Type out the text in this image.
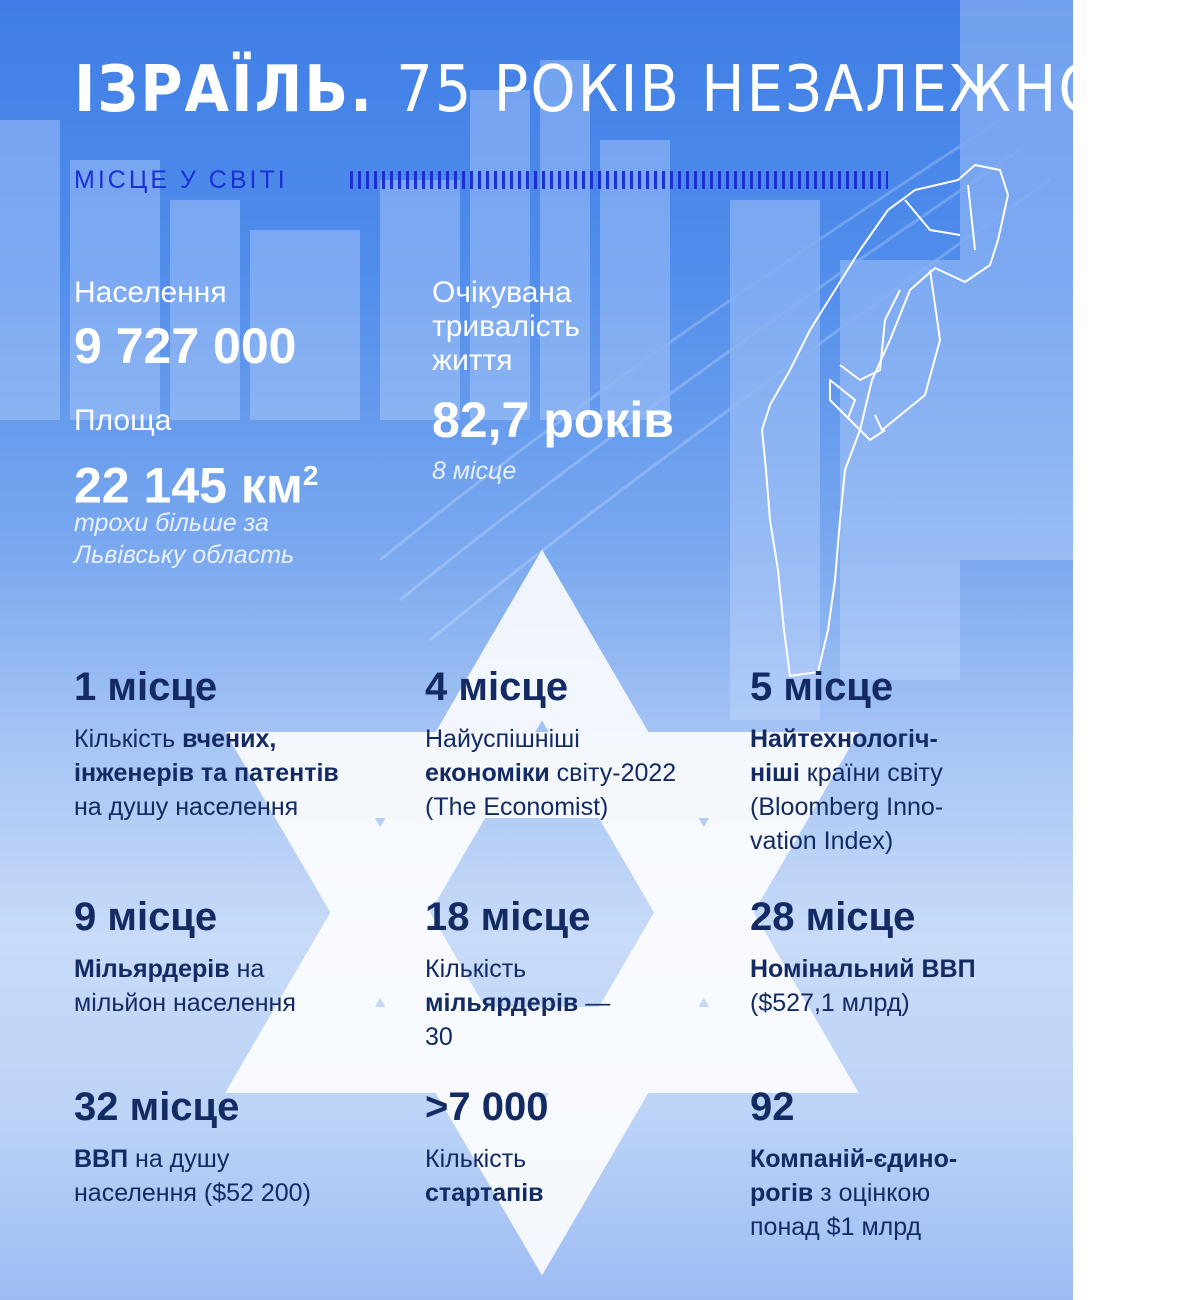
ІЗРАЇЛЬ. 75 РОКІВ НЕЗАЛЕЖНОСТІ
МІСЦЕ У СВІТІ
Населення
9 727 000
Площа
22 145 $км^2$
трохи більше за
Львівську область
Очікувана
тривалість
життя
82,7 років
8 місце
1 місце
Кількість вчених,
інженерів та патентів
на душу населення
4 місце
Найуспішніші
економіки світу-2022
(The Economist)
5 місце
Найтехнологіч-
ніші країни світу
(Bloomberg Inno-
vation Index)
9 місце
Мільярдерів на
мільйон населення
18 місце
Кількість
мільярдерів —
30
28 місце
Номінальний ВВП
($527,1 млрд)
32 місце
ВВП на душу
населення ($52 200)
>7 000
Кількість
стартапів
92
Компаній-єдино-
рогів з оцінкою
понад $1 млрд
